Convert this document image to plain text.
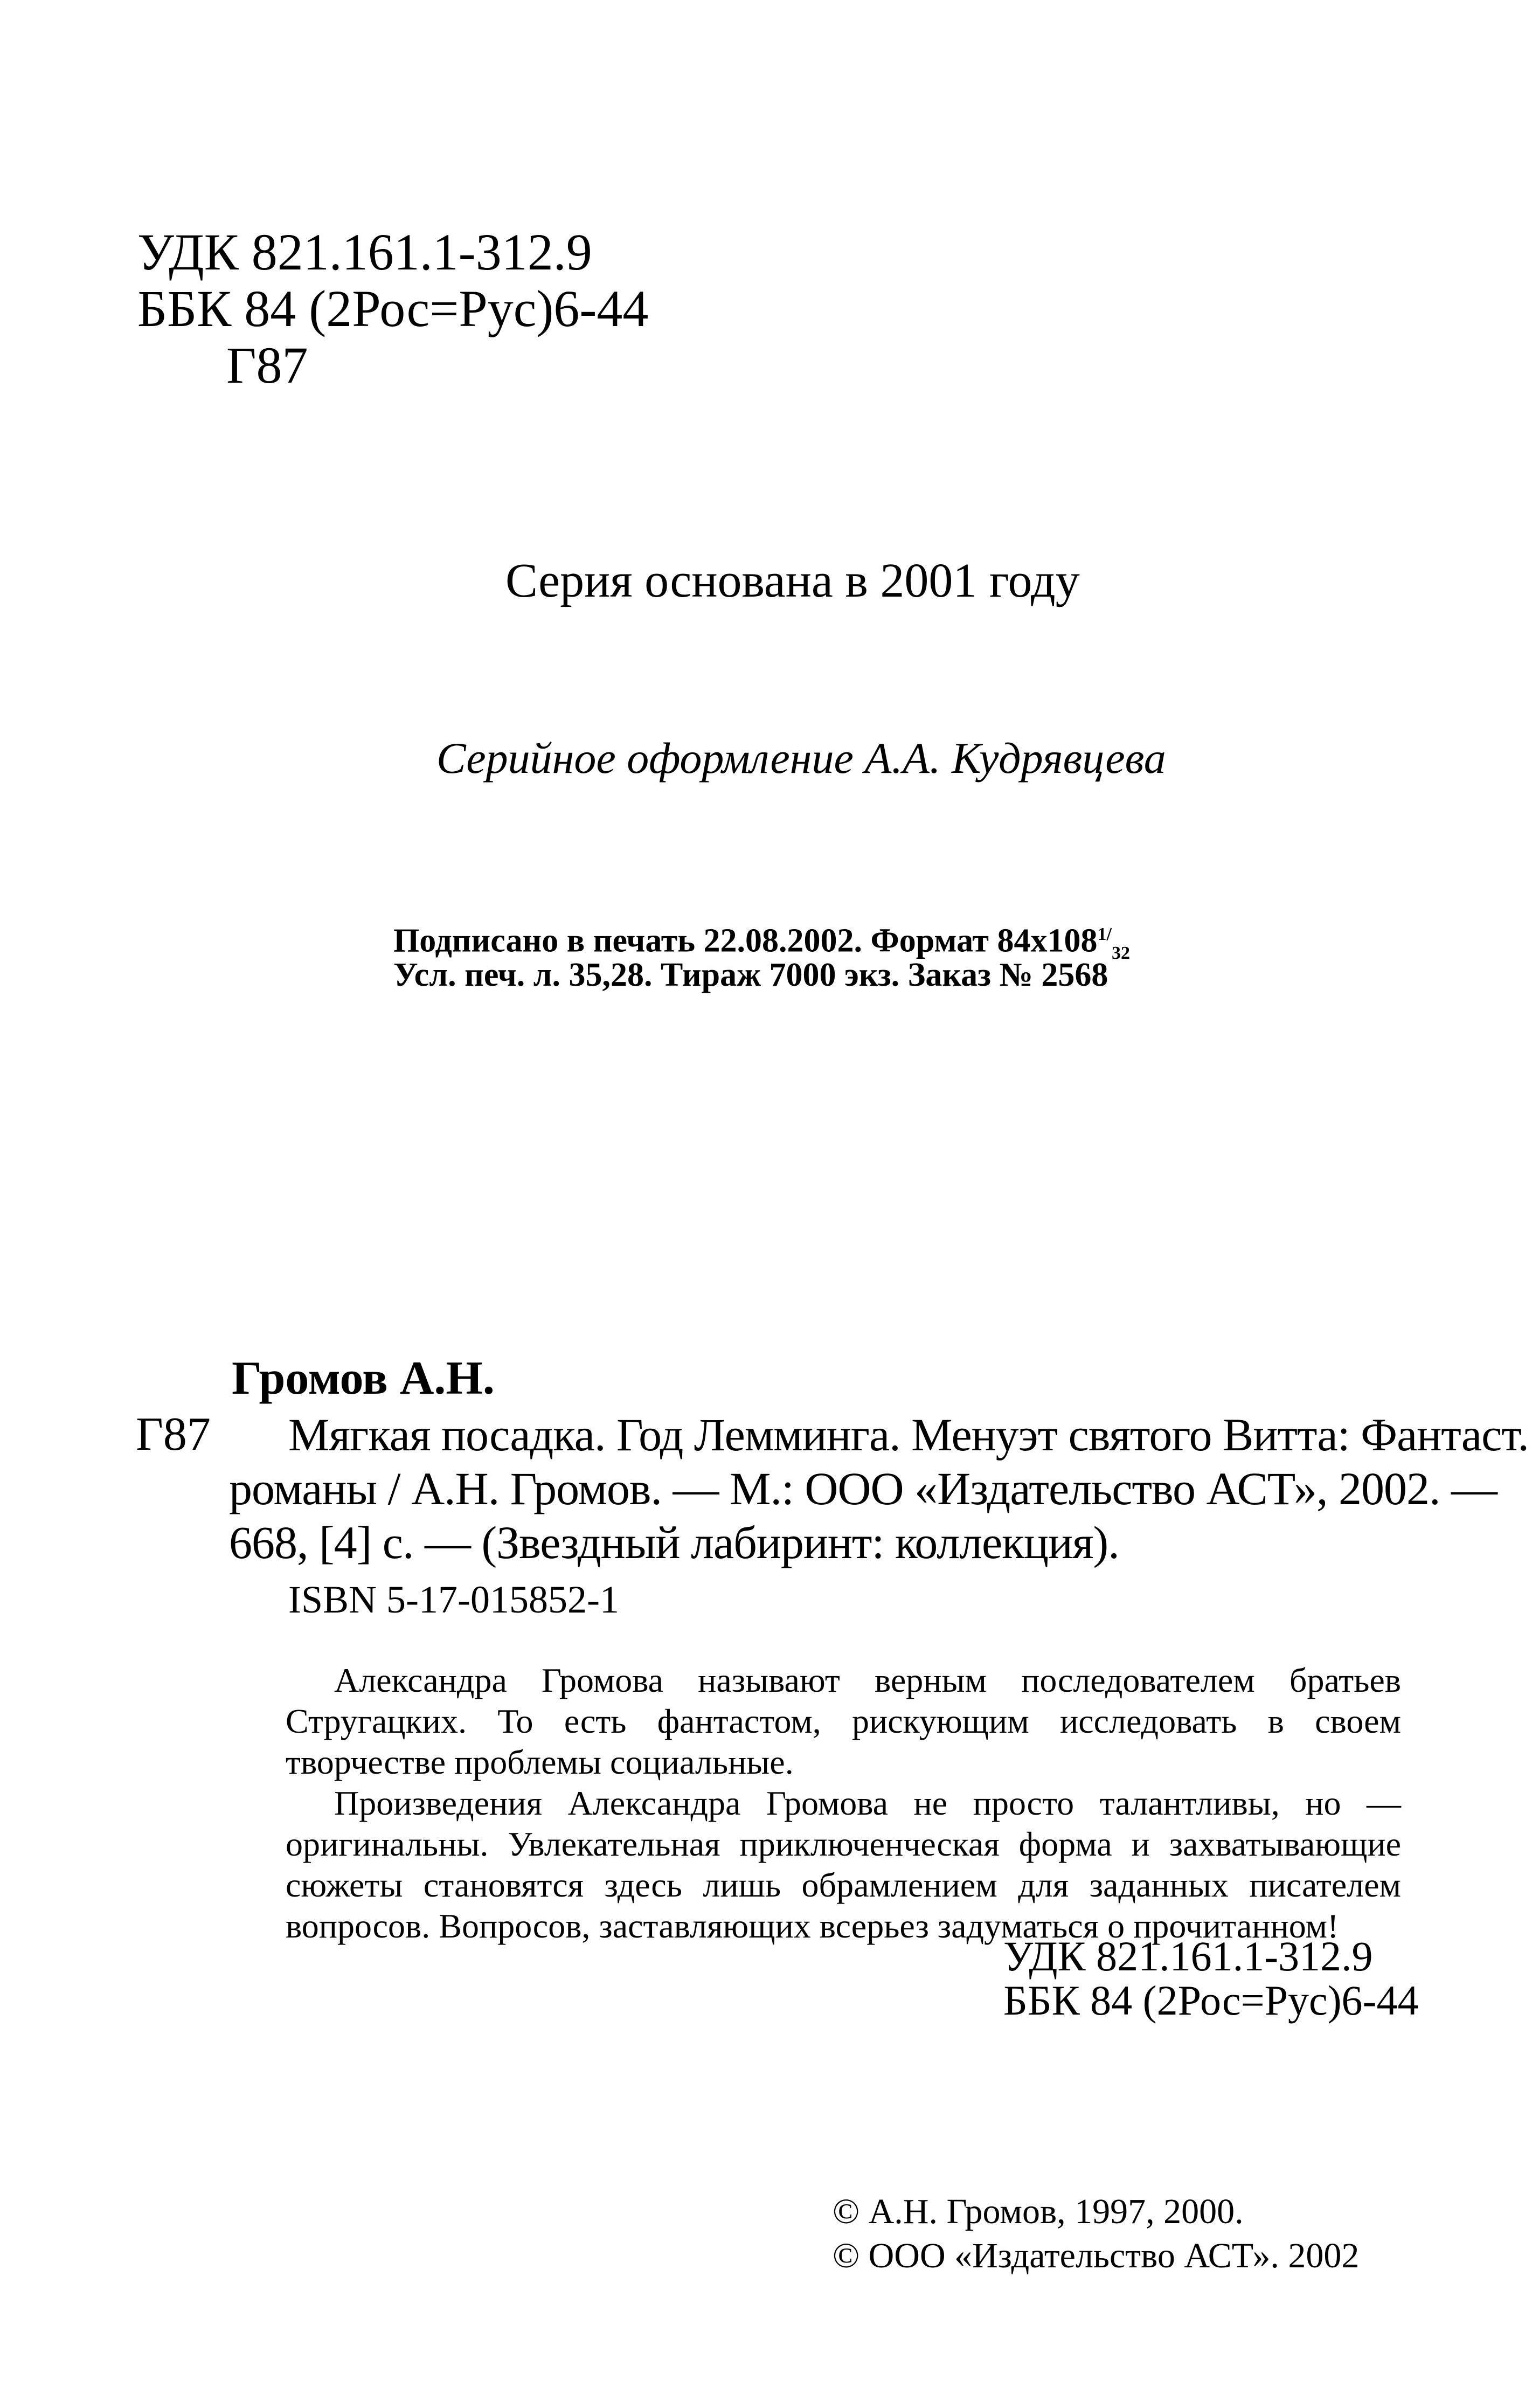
УДК 821.161.1-312.9
ББК 84 (2Рос=Рус)6-44
Г87
Серия основана в 2001 году
Серийное оформление А.А. Кудрявцева
Подписано в печать 22.08.2002. Формат $84х108^{1/}_{32}$
Усл. печ. л. 35,28. Тираж 7000 экз. Заказ № 2568
Громов А.Н.
Г87 Мягкая посадка. Год Лемминга. Менуэт святого Витта: Фантаст.
романы / А.Н. Громов. — М.: ООО «Издательство АСТ», 2002. —
668, [4] с. — (Звездный лабиринт: коллекция).
ISBN 5-17-015852-1

Александра Громова называют верным последователем братьев Стругацких. То есть фантастом, рискующим исследовать в своем творчестве проблемы социальные.

Произведения Александра Громова не просто талантливы, но — оригинальны. Увлекательная приключенческая форма и захватывающие сюжеты становятся здесь лишь обрамлением для заданных писателем вопросов. Вопросов, заставляющих всерьез задуматься о прочитанном!

УДК 821.161.1-312.9
ББК 84 (2Рос=Рус)6-44
© А.Н. Громов, 1997, 2000.
© ООО «Издательство АСТ». 2002
